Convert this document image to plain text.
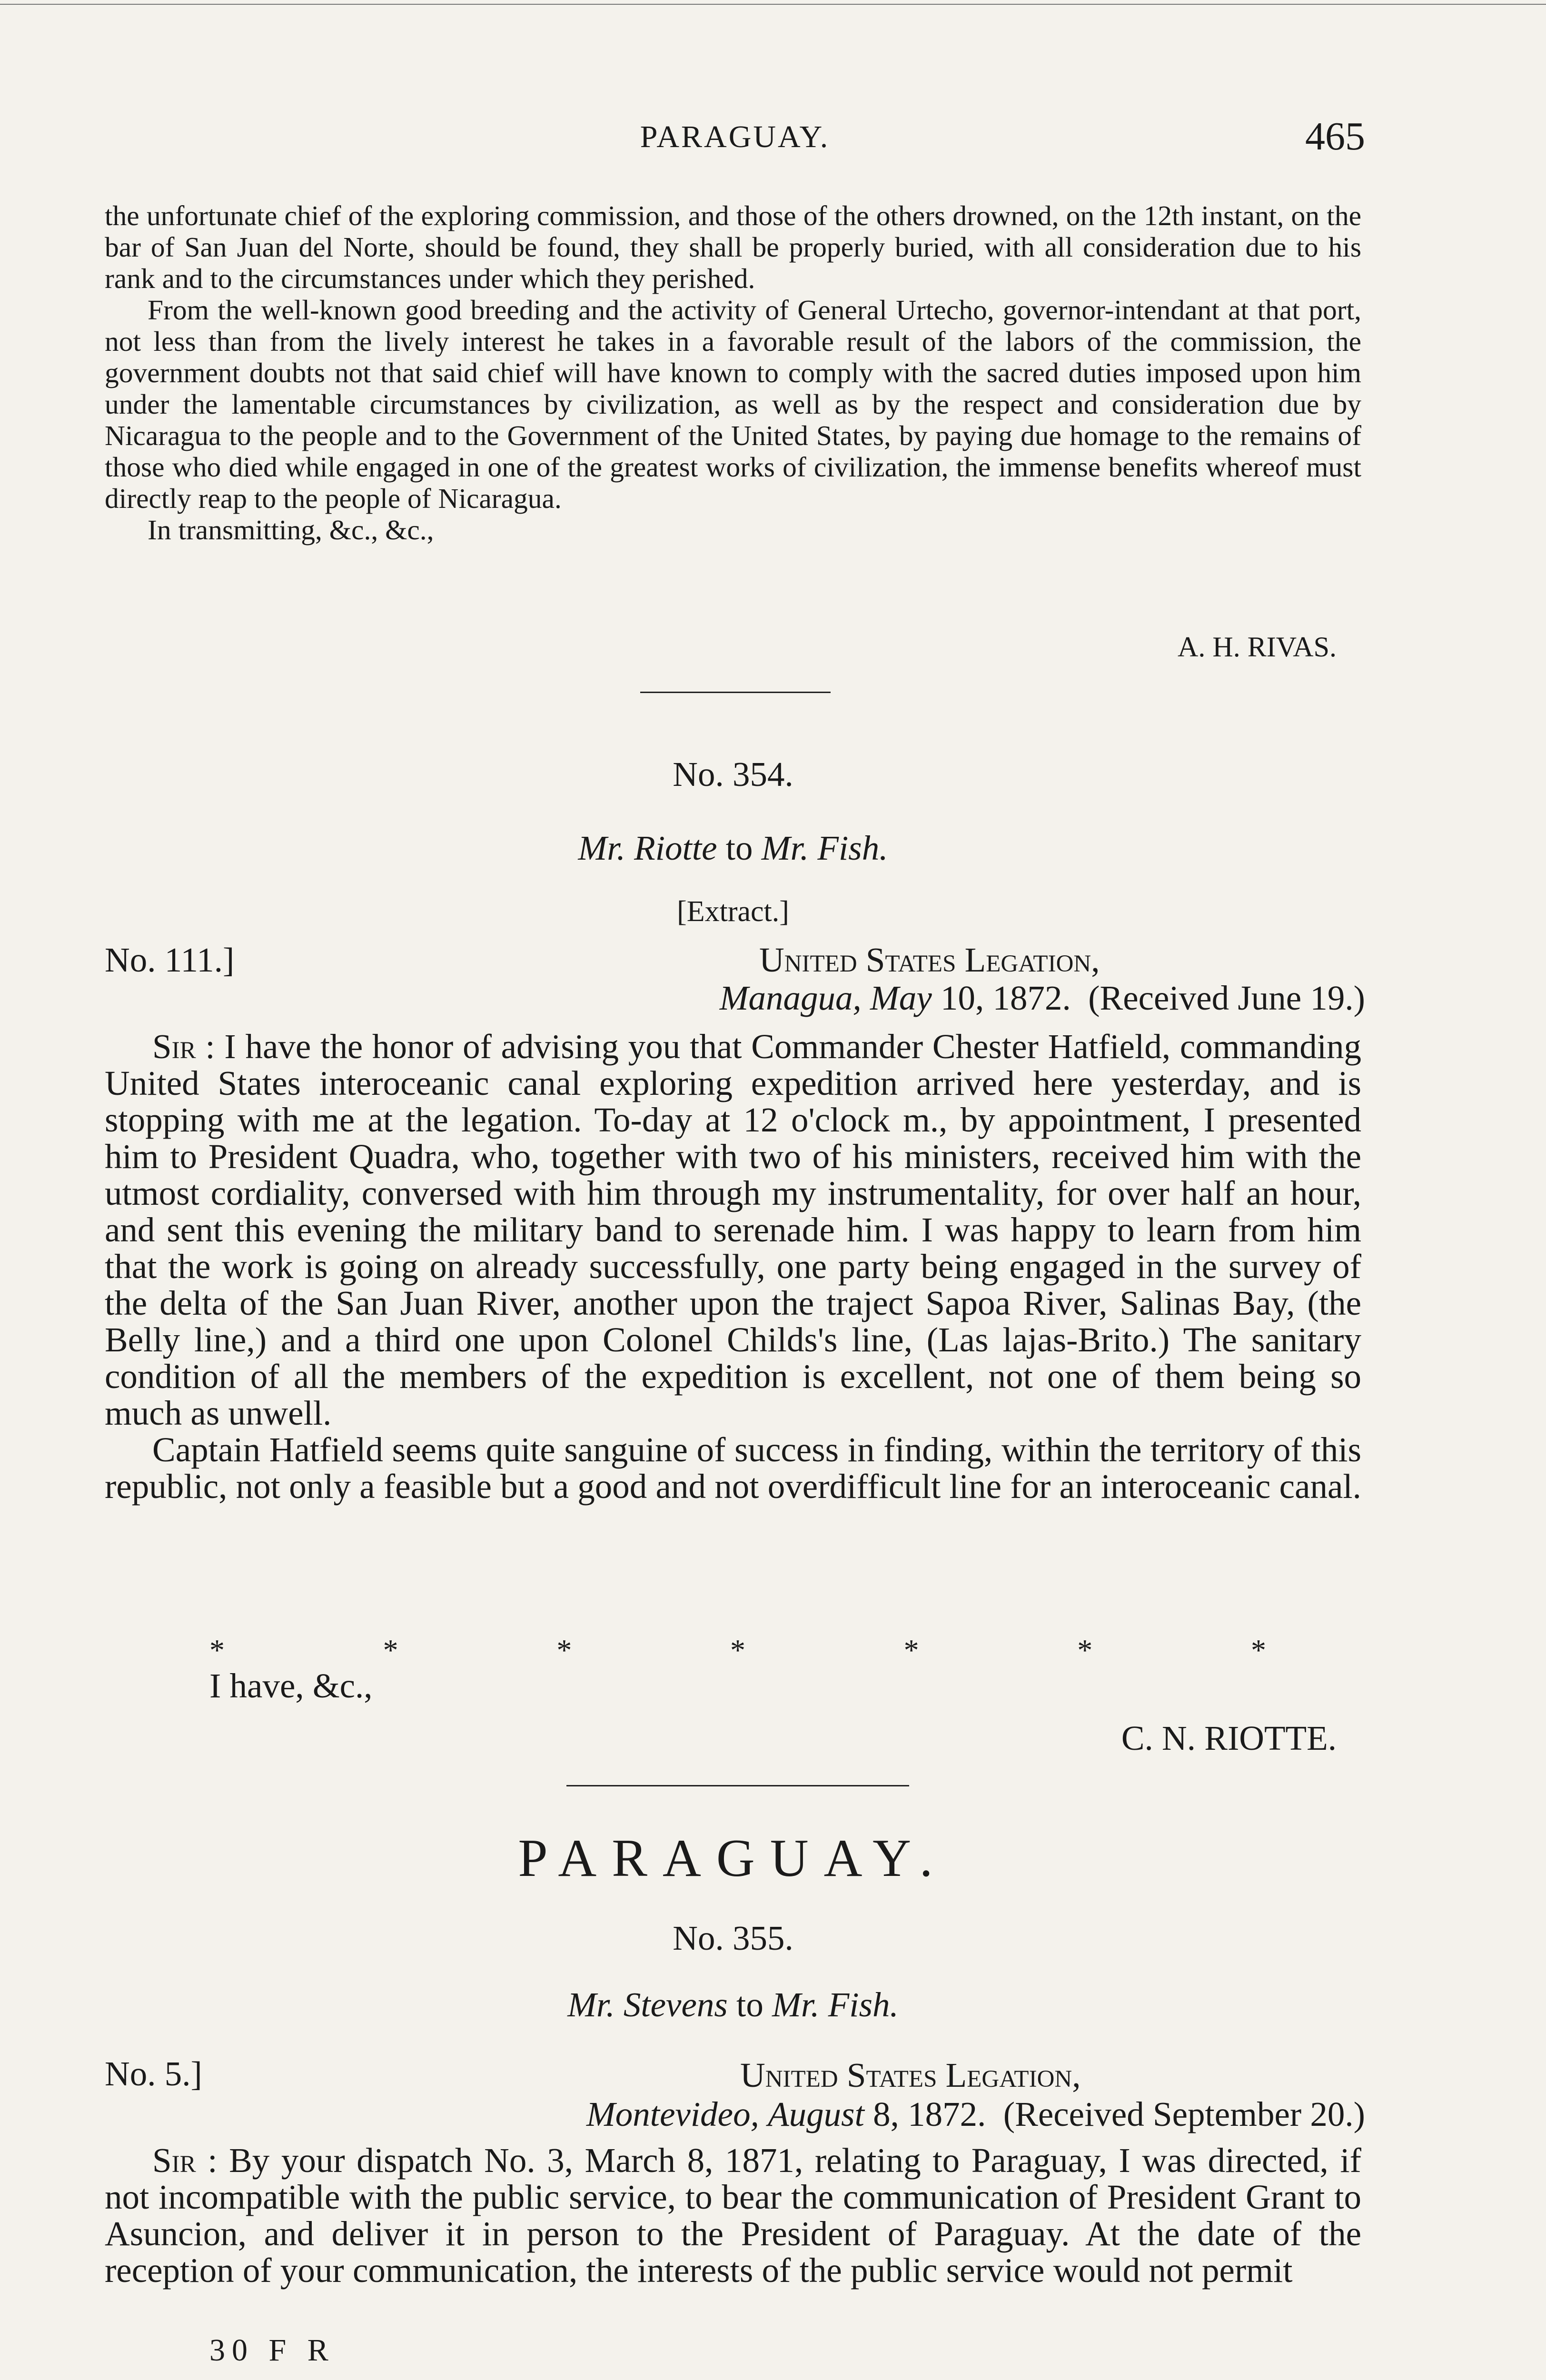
PARAGUAY.	465

the unfortunate chief of the exploring commission, and those of the others drowned, on the 12th instant, on the bar of San Juan del Norte, should be found, they shall be properly buried, with all consideration due to his rank and to the circumstances under which they perished.

From the well-known good breeding and the activity of General Urtecho, governor-intendant at that port, not less than from the lively interest he takes in a favorable result of the labors of the commission, the government doubts not that said chief will have known to comply with the sacred duties imposed upon him under the lamentable circumstances by civilization, as well as by the respect and consideration due by Nicaragua to the people and to the Government of the United States, by paying due homage to the remains of those who died while engaged in one of the greatest works of civilization, the immense benefits whereof must directly reap to the people of Nicaragua.

In transmitting, &c., &c.,

A. H. RIVAS.
No. 354.
Mr. Riotte to Mr. Fish.
[Extract.]
No. 111.]	United States Legation,
Managua, May 10, 1872. (Received June 19.)

Sir : I have the honor of advising you that Commander Chester Hatfield, commanding United States interoceanic canal exploring expedition arrived here yesterday, and is stopping with me at the legation. To-day at 12 o'clock m., by appointment, I presented him to President Quadra, who, together with two of his ministers, received him with the utmost cordiality, conversed with him through my instrumentality, for over half an hour, and sent this evening the military band to serenade him. I was happy to learn from him that the work is going on already successfully, one party being engaged in the survey of the delta of the San Juan River, another upon the traject Sapoa River, Salinas Bay, (the Belly line,) and a third one upon Colonel Childs's line, (Las lajas-Brito.) The sanitary condition of all the members of the expedition is excellent, not one of them being so much as unwell.

Captain Hatfield seems quite sanguine of success in finding, within the territory of this republic, not only a feasible but a good and not overdifficult line for an interoceanic canal.

*	*	*	*	*	*	*
I have, &c.,
C. N. RIOTTE.
PARAGUAY.
No. 355.
Mr. Stevens to Mr. Fish.
No. 5.]	United States Legation,
Montevideo, August 8, 1872. (Received September 20.)

Sir : By your dispatch No. 3, March 8, 1871, relating to Paraguay, I was directed, if not incompatible with the public service, to bear the communication of President Grant to Asuncion, and deliver it in person to the President of Paraguay. At the date of the reception of your communication, the interests of the public service would not permit

30 F R
